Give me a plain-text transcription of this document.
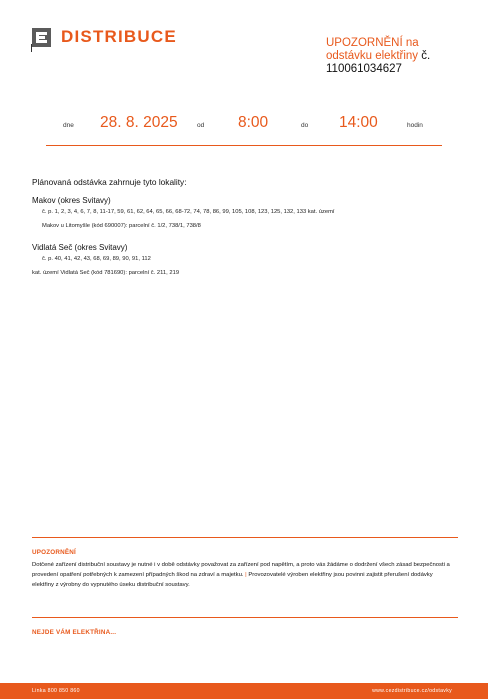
DISTRIBUCE	UPOZORNĚNÍ na odstávku elektřiny č.
110061034627
dne 28. 8. 2025	od 8:00	do 14:00	hodin
Plánovaná odstávka zahrnuje tyto lokality:
Makov (okres Svitavy)
č. p. 1, 2, 3, 4, 6, 7, 8, 11-17, 59, 61, 62, 64, 65, 66, 68-72, 74, 78, 86, 99, 105, 108, 123, 125, 132, 133 kat. území
Makov u Litomyšle (kód 690007): parcelní č. 1/2, 738/1, 738/8
Vidlatá Seč (okres Svitavy)
č. p. 40, 41, 42, 43, 68, 69, 89, 90, 91, 112
kat. území Vidlatá Seč (kód 781690): parcelní č. 211, 219
UPOZORNĚNÍ
Dotčené zařízení distribuční soustavy je nutné i v době odstávky považovat za zařízení pod napětím, a proto vás žádáme o dodržení všech zásad bezpečnosti a provedení opatření potřebných k zamezení případných škod na zdraví a majetku. | Provozovatelé výroben elektřiny jsou povinni zajistit přerušení dodávky elektřiny z výrobny do vypnutého úseku distribuční soustavy.
NEJDE VÁM ELEKTŘINA...
Linka 800 850 860	www.cezdistribuce.cz/odstavky
